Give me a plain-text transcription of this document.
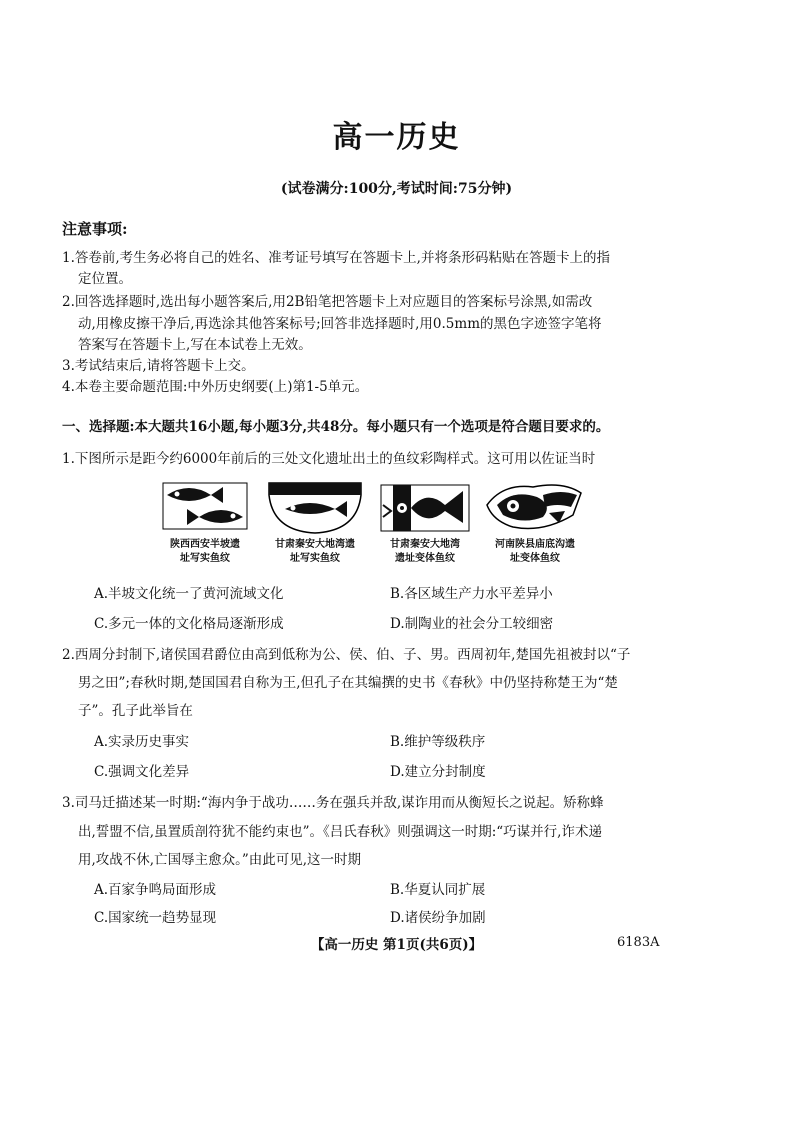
高一历史
(试卷满分:100分,考试时间:75分钟)
注意事项:
1.答卷前,考生务必将自己的姓名、准考证号填写在答题卡上,并将条形码粘贴在答题卡上的指
定位置。
2.回答选择题时,选出每小题答案后,用2B铅笔把答题卡上对应题目的答案标号涂黑,如需改
动,用橡皮擦干净后,再选涂其他答案标号;回答非选择题时,用0.5mm的黑色字迹签字笔将
答案写在答题卡上,写在本试卷上无效。
3.考试结束后,请将答题卡上交。
4.本卷主要命题范围:中外历史纲要(上)第1-5单元。
一、选择题:本大题共16小题,每小题3分,共48分。每小题只有一个选项是符合题目要求的。
1.下图所示是距今约6000年前后的三处文化遗址出土的鱼纹彩陶样式。这可用以佐证当时
陕西西安半坡遗
址写实鱼纹
甘肃秦安大地湾遗
址写实鱼纹
甘肃秦安大地湾
遗址变体鱼纹
河南陕县庙底沟遗
址变体鱼纹
A.半坡文化统一了黄河流域文化	B.各区域生产力水平差异小
C.多元一体的文化格局逐渐形成	D.制陶业的社会分工较细密
2.西周分封制下,诸侯国君爵位由高到低称为公、侯、伯、子、男。西周初年,楚国先祖被封以“子
男之田”;春秋时期,楚国国君自称为王,但孔子在其编撰的史书《春秋》中仍坚持称楚王为“楚
子”。孔子此举旨在
A.实录历史事实	B.维护等级秩序
C.强调文化差异	D.建立分封制度
3.司马迁描述某一时期:“海内争于战功……务在强兵并敌,谋诈用而从衡短长之说起。矫称蜂
出,誓盟不信,虽置质剖符犹不能约束也”。《吕氏春秋》则强调这一时期:“巧谋并行,诈术递
用,攻战不休,亡国辱主愈众。”由此可见,这一时期
A.百家争鸣局面形成	B.华夏认同扩展
C.国家统一趋势显现	D.诸侯纷争加剧
【高一历史 第1页(共6页)】	6183A
